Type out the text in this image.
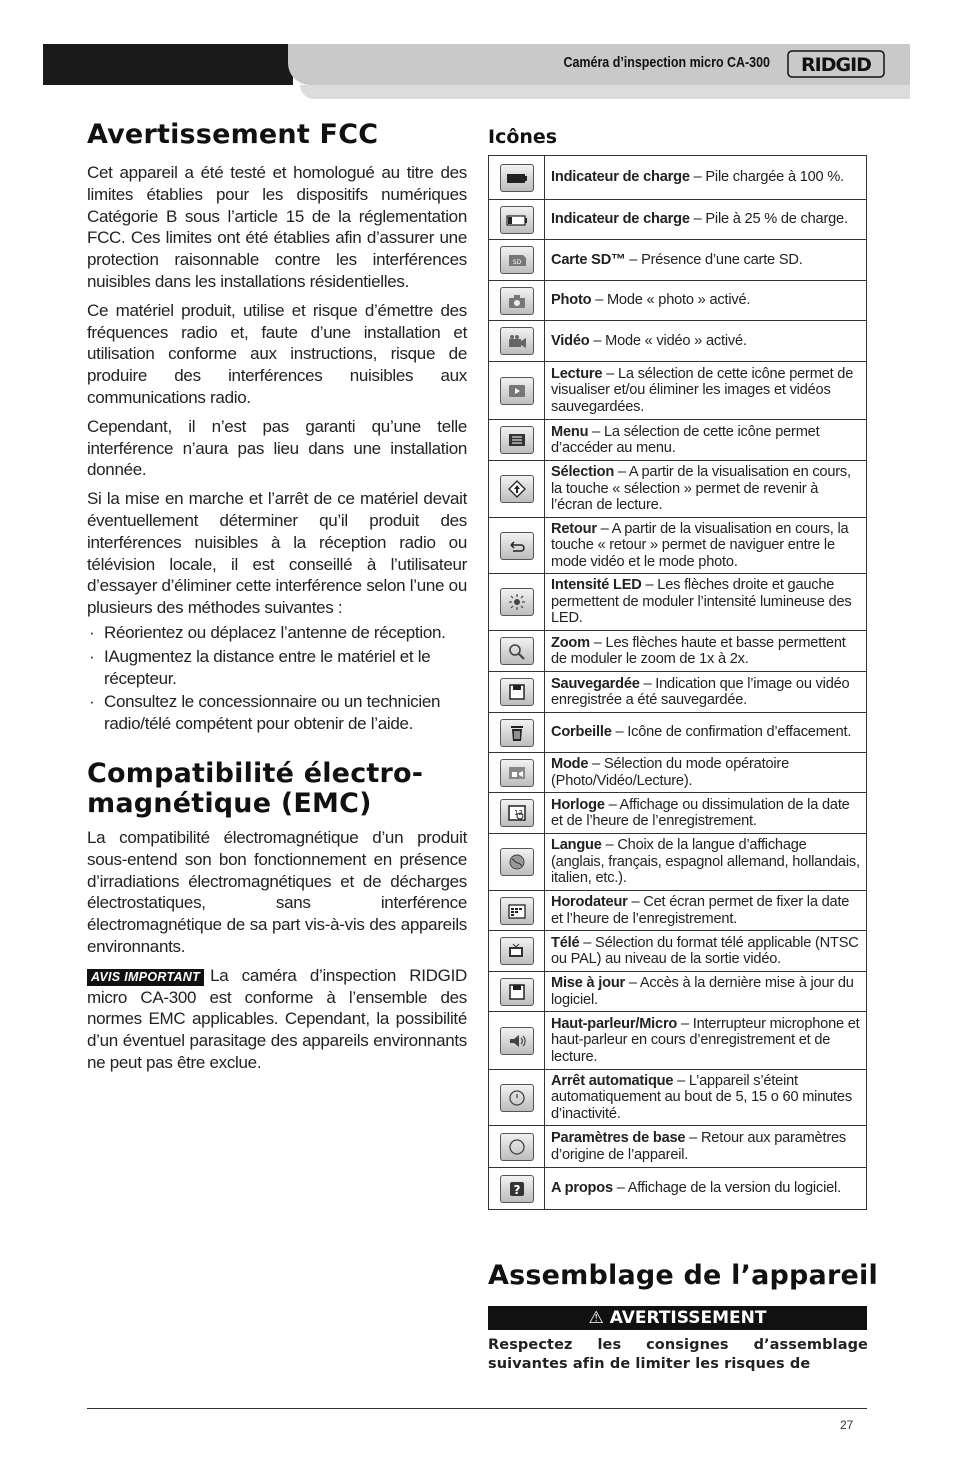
Caméra d’inspection micro CA-300 RIDGID
Avertissement FCC

Cet appareil a été testé et homologué au titre des limites établies pour les dispositifs numériques Catégorie B sous l’article 15 de la réglementation FCC. Ces limites ont été établies afin d’assurer une protection raisonnable contre les interférences nuisibles dans les installations résidentielles.

Ce matériel produit, utilise et risque d’émettre des fréquences radio et, faute d’une installation et utilisation conforme aux instructions, risque de produire des interférences nuisibles aux communications radio.

Cependant, il n’est pas garanti qu’une telle interférence n’aura pas lieu dans une installation donnée.

Si la mise en marche et l’arrêt de ce matériel devait éventuellement déterminer qu’il produit des interférences nuisibles à la réception radio ou télévision locale, il est conseillé à l’utilisateur d’essayer d’éliminer cette interférence selon l’une ou plusieurs des méthodes suivantes :

· Réorientez ou déplacez l’antenne de réception.
· IAugmentez la distance entre le matériel et le récepteur.
· Consultez le concessionnaire ou un technicien radio/télé compétent pour obtenir de l’aide.
Compatibilité électro-
magnétique (EMC)

La compatibilité électromagnétique d’un produit sous-entend son bon fonctionnement en présence d’irradiations électromagnétiques et de décharges électrostatiques, sans interférence électromagnétique de sa part vis-à-vis des appareils environnants.

AVIS IMPORTANT La caméra d’inspection RIDGID micro CA-300 est conforme à l’ensemble des normes EMC applicables. Cependant, la possibilité d’un éventuel parasitage des appareils environnants ne peut pas être exclue.

Icônes
	Indicateur de charge – Pile chargée à 100 %.

	Indicateur de charge – Pile à 25 % de charge.

SD	Carte SD™ – Présence d’une carte SD.

	Photo – Mode « photo » activé.

	Vidéo – Mode « vidéo » activé.

	Lecture – La sélection de cette icône permet de visualiser et/ou éliminer les images et vidéos sauvegardées.

	Menu – La sélection de cette icône permet d’accéder au menu.

	Sélection – A partir de la visualisation en cours, la touche « sélection » permet de revenir à l’écran de lecture.

	Retour – A partir de la visualisation en cours, la touche « retour » permet de naviguer entre le mode vidéo et le mode photo.

	Intensité LED – Les flèches droite et gauche permettent de moduler l’intensité lumineuse des LED.

	Zoom – Les flèches haute et basse permettent de moduler le zoom de 1x à 2x.

	Sauvegardée – Indication que l’image ou vidéo enregistrée a été sauvegardée.

	Corbeille – Icône de confirmation d’effacement.

	Mode – Sélection du mode opératoire (Photo/Vidéo/Lecture).

12	Horloge – Affichage ou dissimulation de la date et de l’heure de l’enregistrement.

	Langue – Choix de la langue d’affichage (anglais, français, espagnol allemand, hollandais, italien, etc.).

	Horodateur – Cet écran permet de fixer la date et l’heure de l’enregistrement.

	Télé – Sélection du format télé applicable (NTSC ou PAL) au niveau de la sortie vidéo.

	Mise à jour – Accès à la dernière mise à jour du logiciel.

	Haut-parleur/Micro – Interrupteur microphone et haut-parleur en cours d’enregistrement et de lecture.

	Arrêt automatique – L’appareil s’éteint automatiquement au bout de 5, 15 o 60 minutes d’inactivité.

	Paramètres de base – Retour aux paramètres d’origine de l’appareil.

?	A propos – Affichage de la version du logiciel.
Assemblage de l’appareil
⚠ AVERTISSEMENT
Respectez les consignes d’assemblage suivantes afin de limiter les risques de
27
